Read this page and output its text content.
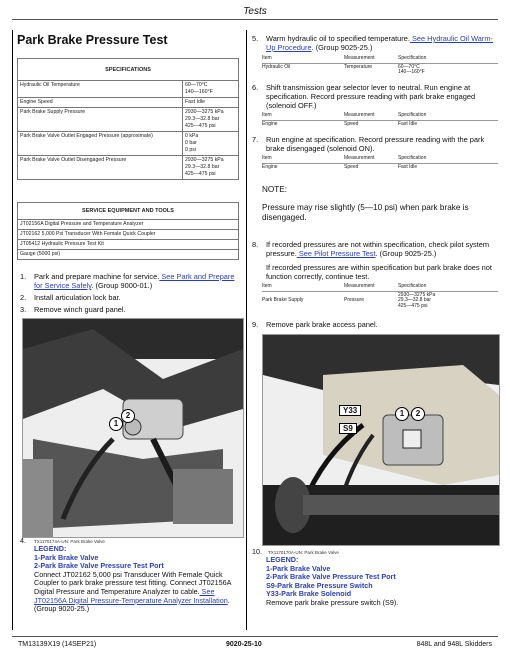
Tests
Park Brake Pressure Test
SPECIFICATIONS	
Hydraulic Oil Temperature	60—70°C
140—160°F

Engine Speed	Fast Idle

Park Brake Supply Pressure	2930—3275 kPa
29.3—32.8 bar
425—475 psi

Park Brake Valve Outlet Engaged Pressure (approximate)	0 kPa
0 bar
0 psi

Park Brake Valve Outlet Disengaged Pressure	2930—3275 kPa
29.3—32.8 bar
425—475 psi
SERVICE EQUIPMENT AND TOOLS
JT02156A Digital Pressure and Temperature Analyzer
JT02162 5,000 Psi Transducer With Female Quick Coupler
JT05412 Hydraulic Pressure Test Kit
Gauge (5000 psi)
1. Park and prepare machine for service. See Park and Prepare for Service Safely. (Group 9000-01.)
2. Install articulation lock bar.
3. Remove winch guard panel.
1
2
4. TX1170174A-UN: Park Brake Valve
LEGEND:
1-Park Brake Valve
2-Park Brake Valve Pressure Test Port
Connect JT02162 5,000 psi Transducer With Female Quick Coupler to park brake pressure test fitting. Connect JT02156A Digital Pressure and Temperature Analyzer to cable. See JT02156A Digital Pressure-Temperature Analyzer Installation. (Group 9020-25.)
5. Warm hydraulic oil to specified temperature. See Hydraulic Oil Warm-Up Procedure. (Group 9025-25.)
Item	Measurement	Specification
Hydraulic Oil	Temperature	60—70°C
140—160°F
6. Shift transmission gear selector lever to neutral. Run engine at specification. Record pressure reading with park brake engaged (solenoid OFF.)
Item	Measurement	Specification
Engine	Speed	Fast Idle
7. Run engine at specification. Record pressure reading with the park brake disengaged (solenoid ON).
Item	Measurement	Specification
Engine	Speed	Fast Idle
NOTE:
Pressure may rise slightly (5—10 psi) when park brake is disengaged.
8. If recorded pressures are not within specification, check pilot system pressure. See Pilot Pressure Test. (Group 9025-25.)
If recorded pressures are within specification but park brake does not function correctly, continue test.
Item	Measurement	Specification
Park Brake Supply	Pressure
2930—3275 kPa
29.3—32.8 bar
425—475 psi
9. Remove park brake access panel.
Y33
S9
1	2
10. TX1170170A-UN: Park Brake Valve
LEGEND:
1-Park Brake Valve
2-Park Brake Valve Pressure Test Port
S9-Park Brake Pressure Switch
Y33-Park Brake Solenoid
Remove park brake pressure switch (S9).
TM13139X19 (14SEP21)	9020-25-10	848L and 948L Skidders
